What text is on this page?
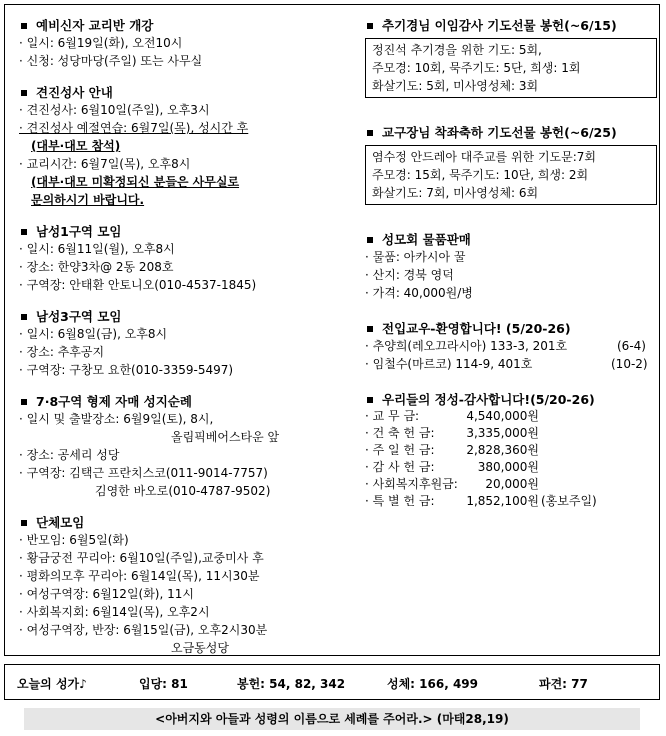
예비신자 교리반 개강
· 일시: 6월19일(화), 오전10시
· 신청: 성당마당(주일) 또는 사무실
견진성사 안내
· 견진성사: 6월10일(주일), 오후3시
· 견진성사 예절연습: 6월7일(목), 성시간 후
(대부·대모 참석)
· 교리시간: 6월7일(목), 오후8시
(대부·대모 미확정되신 분들은 사무실로
문의하시기 바랍니다.
남성1구역 모임
· 일시: 6월11일(월), 오후8시
· 장소: 한양3차@ 2동 208호
· 구역장: 안태환 안토니오(010-4537-1845)
남성3구역 모임
· 일시: 6월8일(금), 오후8시
· 장소: 추후공지
· 구역장: 구창모 요한(010-3359-5497)
7·8구역 형제 자매 성지순례
· 일시 및 출발장소: 6월9일(토), 8시,
올림픽베어스타운 앞
· 장소: 공세리 성당
· 구역장: 김택근 프란치스코(011-9014-7757)
김영한 바오로(010-4787-9502)
단체모임
· 반모임: 6월5일(화)
· 황금궁전 꾸리아: 6월10일(주일),교중미사 후
· 평화의모후 꾸리아: 6월14일(목), 11시30분
· 여성구역장: 6월12일(화), 11시
· 사회복지회: 6월14일(목), 오후2시
· 여성구역장, 반장: 6월15일(금), 오후2시30분
오금동성당
추기경님 이임감사 기도선물 봉헌(~6/15)
정진석 추기경을 위한 기도: 5회,
주모경: 10회, 묵주기도: 5단, 희생: 1회
화살기도: 5회, 미사영성체: 3회
교구장님 착좌축하 기도선물 봉헌(~6/25)
염수정 안드레아 대주교를 위한 기도문:7회
주모경: 15회, 묵주기도: 10단, 희생: 2회
화살기도: 7회, 미사영성체: 6회
성모회 물품판매
· 물품: 아카시아 꿀
· 산지: 경북 영덕
· 가격: 40,000원/병
전입교우-환영합니다! (5/20-26)
· 추양희(레오끄라시아) 133-3, 201호	(6-4)
· 임철수(마르코) 114-9, 401호	(10-2)
우리들의 정성-감사합니다!(5/20-26)
· 교 무 금:	4,540,000원
· 건 축 헌 금:	3,335,000원
· 주 일 헌 금:	2,828,360원
· 감 사 헌 금:	380,000원
· 사회복지후원금:	20,000원
· 특 별 헌 금:	1,852,100원 (홍보주일)
오늘의 성가♪	입당: 81	봉헌: 54, 82, 342	성체: 166, 499	파견: 77
<아버지와 아들과 성령의 이름으로 세례를 주어라.> (마태28,19)
